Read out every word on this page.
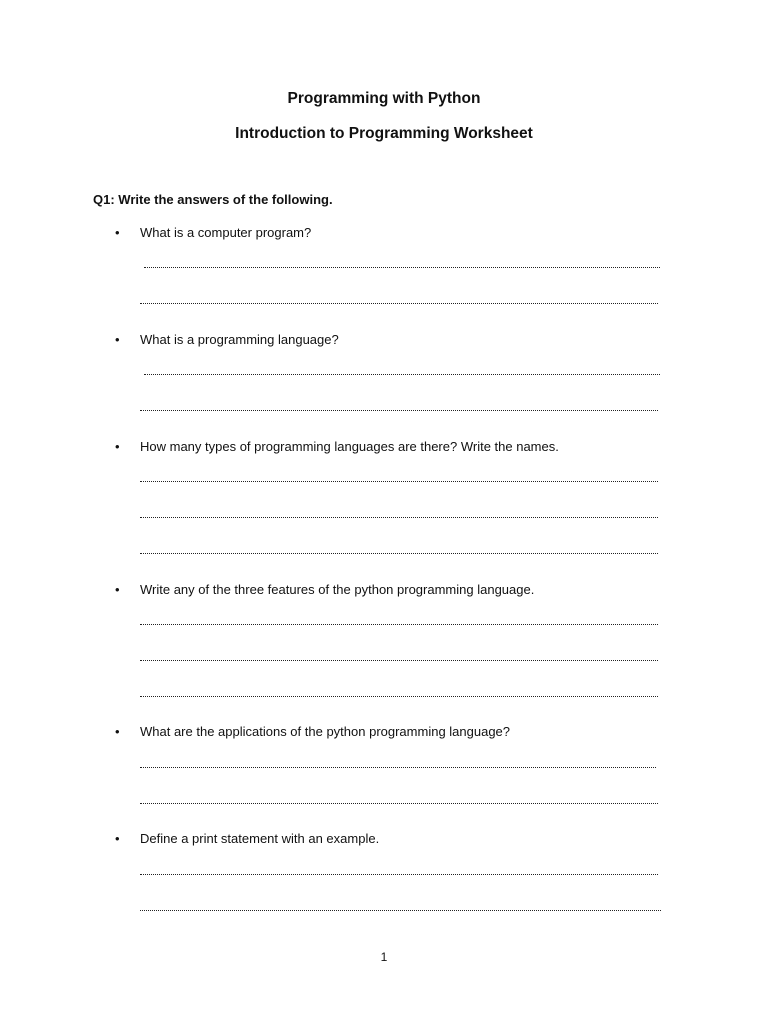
Programming with Python
Introduction to Programming Worksheet
Q1: Write the answers of the following.
• What is a computer program?
• What is a programming language?
• How many types of programming languages are there? Write the names.
• Write any of the three features of the python programming language.
• What are the applications of the python programming language?
• Define a print statement with an example.
1
